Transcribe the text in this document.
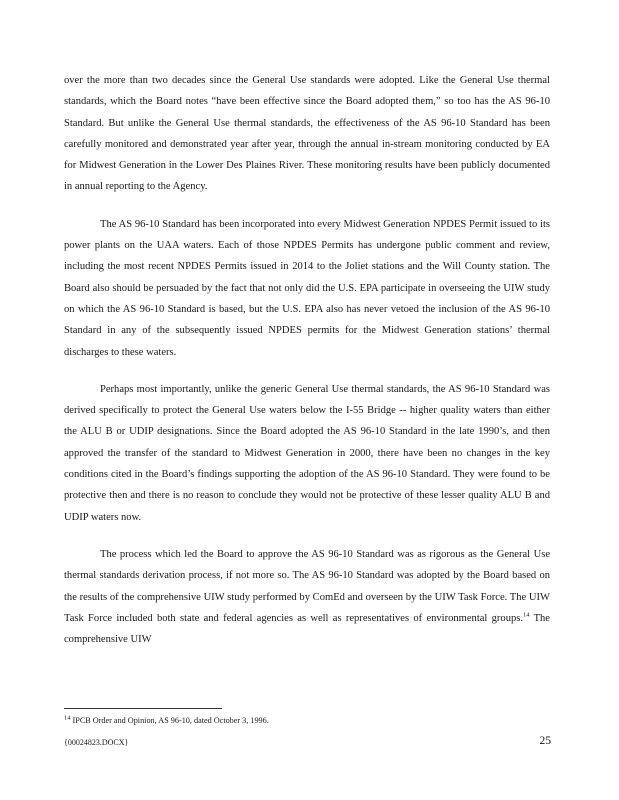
over the more than two decades since the General Use standards were adopted. Like the General Use thermal standards, which the Board notes “have been effective since the Board adopted them,” so too has the AS 96-10 Standard. But unlike the General Use thermal standards, the effectiveness of the AS 96-10 Standard has been carefully monitored and demonstrated year after year, through the annual in-stream monitoring conducted by EA for Midwest Generation in the Lower Des Plaines River. These monitoring results have been publicly documented in annual reporting to the Agency.

The AS 96-10 Standard has been incorporated into every Midwest Generation NPDES Permit issued to its power plants on the UAA waters. Each of those NPDES Permits has undergone public comment and review, including the most recent NPDES Permits issued in 2014 to the Joliet stations and the Will County station. The Board also should be persuaded by the fact that not only did the U.S. EPA participate in overseeing the UIW study on which the AS 96-10 Standard is based, but the U.S. EPA also has never vetoed the inclusion of the AS 96-10 Standard in any of the subsequently issued NPDES permits for the Midwest Generation stations’ thermal discharges to these waters.

Perhaps most importantly, unlike the generic General Use thermal standards, the AS 96-10 Standard was derived specifically to protect the General Use waters below the I-55 Bridge -- higher quality waters than either the ALU B or UDIP designations. Since the Board adopted the AS 96-10 Standard in the late 1990’s, and then approved the transfer of the standard to Midwest Generation in 2000, there have been no changes in the key conditions cited in the Board’s findings supporting the adoption of the AS 96-10 Standard. They were found to be protective then and there is no reason to conclude they would not be protective of these lesser quality ALU B and UDIP waters now.

The process which led the Board to approve the AS 96-10 Standard was as rigorous as the General Use thermal standards derivation process, if not more so. The AS 96-10 Standard was adopted by the Board based on the results of the comprehensive UIW study performed by ComEd and overseen by the UIW Task Force. The UIW Task Force included both state and federal agencies as well as representatives of environmental groups.$^{14}$ The comprehensive UIW

$^{14}$ IPCB Order and Opinion, AS 96-10, dated October 3, 1996.
{00024823.DOCX}	25
